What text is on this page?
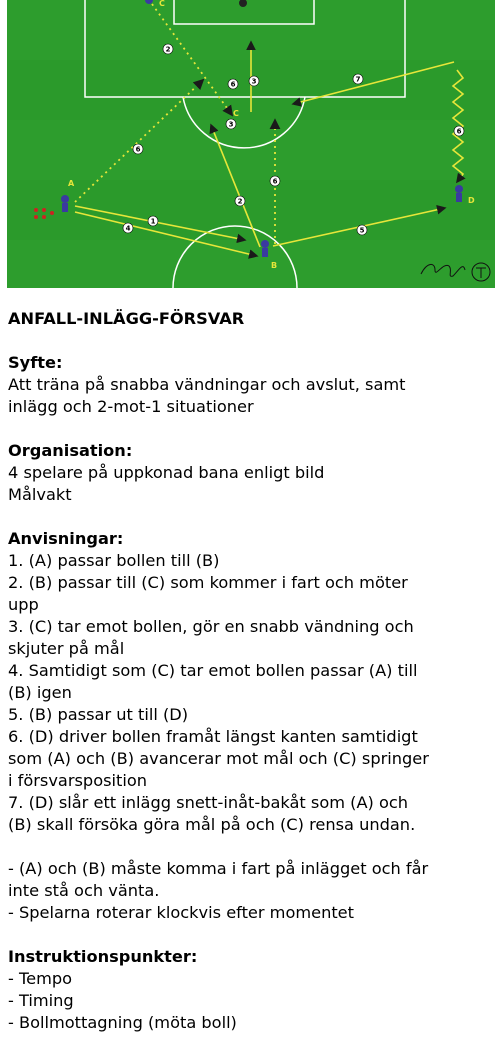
A
B
C
C
D
1
4
2
2
3
3
6
6
6
6
5
7
ANFALL-INLÄGG-FÖRSVAR
Syfte:
Att träna på snabba vändningar och avslut, samt
inlägg och 2-mot-1 situationer
Organisation:
4 spelare på uppkonad bana enligt bild
Målvakt
Anvisningar:
1. (A) passar bollen till (B)
2. (B) passar till (C) som kommer i fart och möter
upp
3. (C) tar emot bollen, gör en snabb vändning och
skjuter på mål
4. Samtidigt som (C) tar emot bollen passar (A) till
(B) igen
5. (B) passar ut till (D)
6. (D) driver bollen framåt längst kanten samtidigt
som (A) och (B) avancerar mot mål och (C) springer
i försvarsposition
7. (D) slår ett inlägg snett-inåt-bakåt som (A) och
(B) skall försöka göra mål på och (C) rensa undan.
- (A) och (B) måste komma i fart på inlägget och får
inte stå och vänta.
- Spelarna roterar klockvis efter momentet
Instruktionspunkter:
- Tempo
- Timing
- Bollmottagning (möta boll)
